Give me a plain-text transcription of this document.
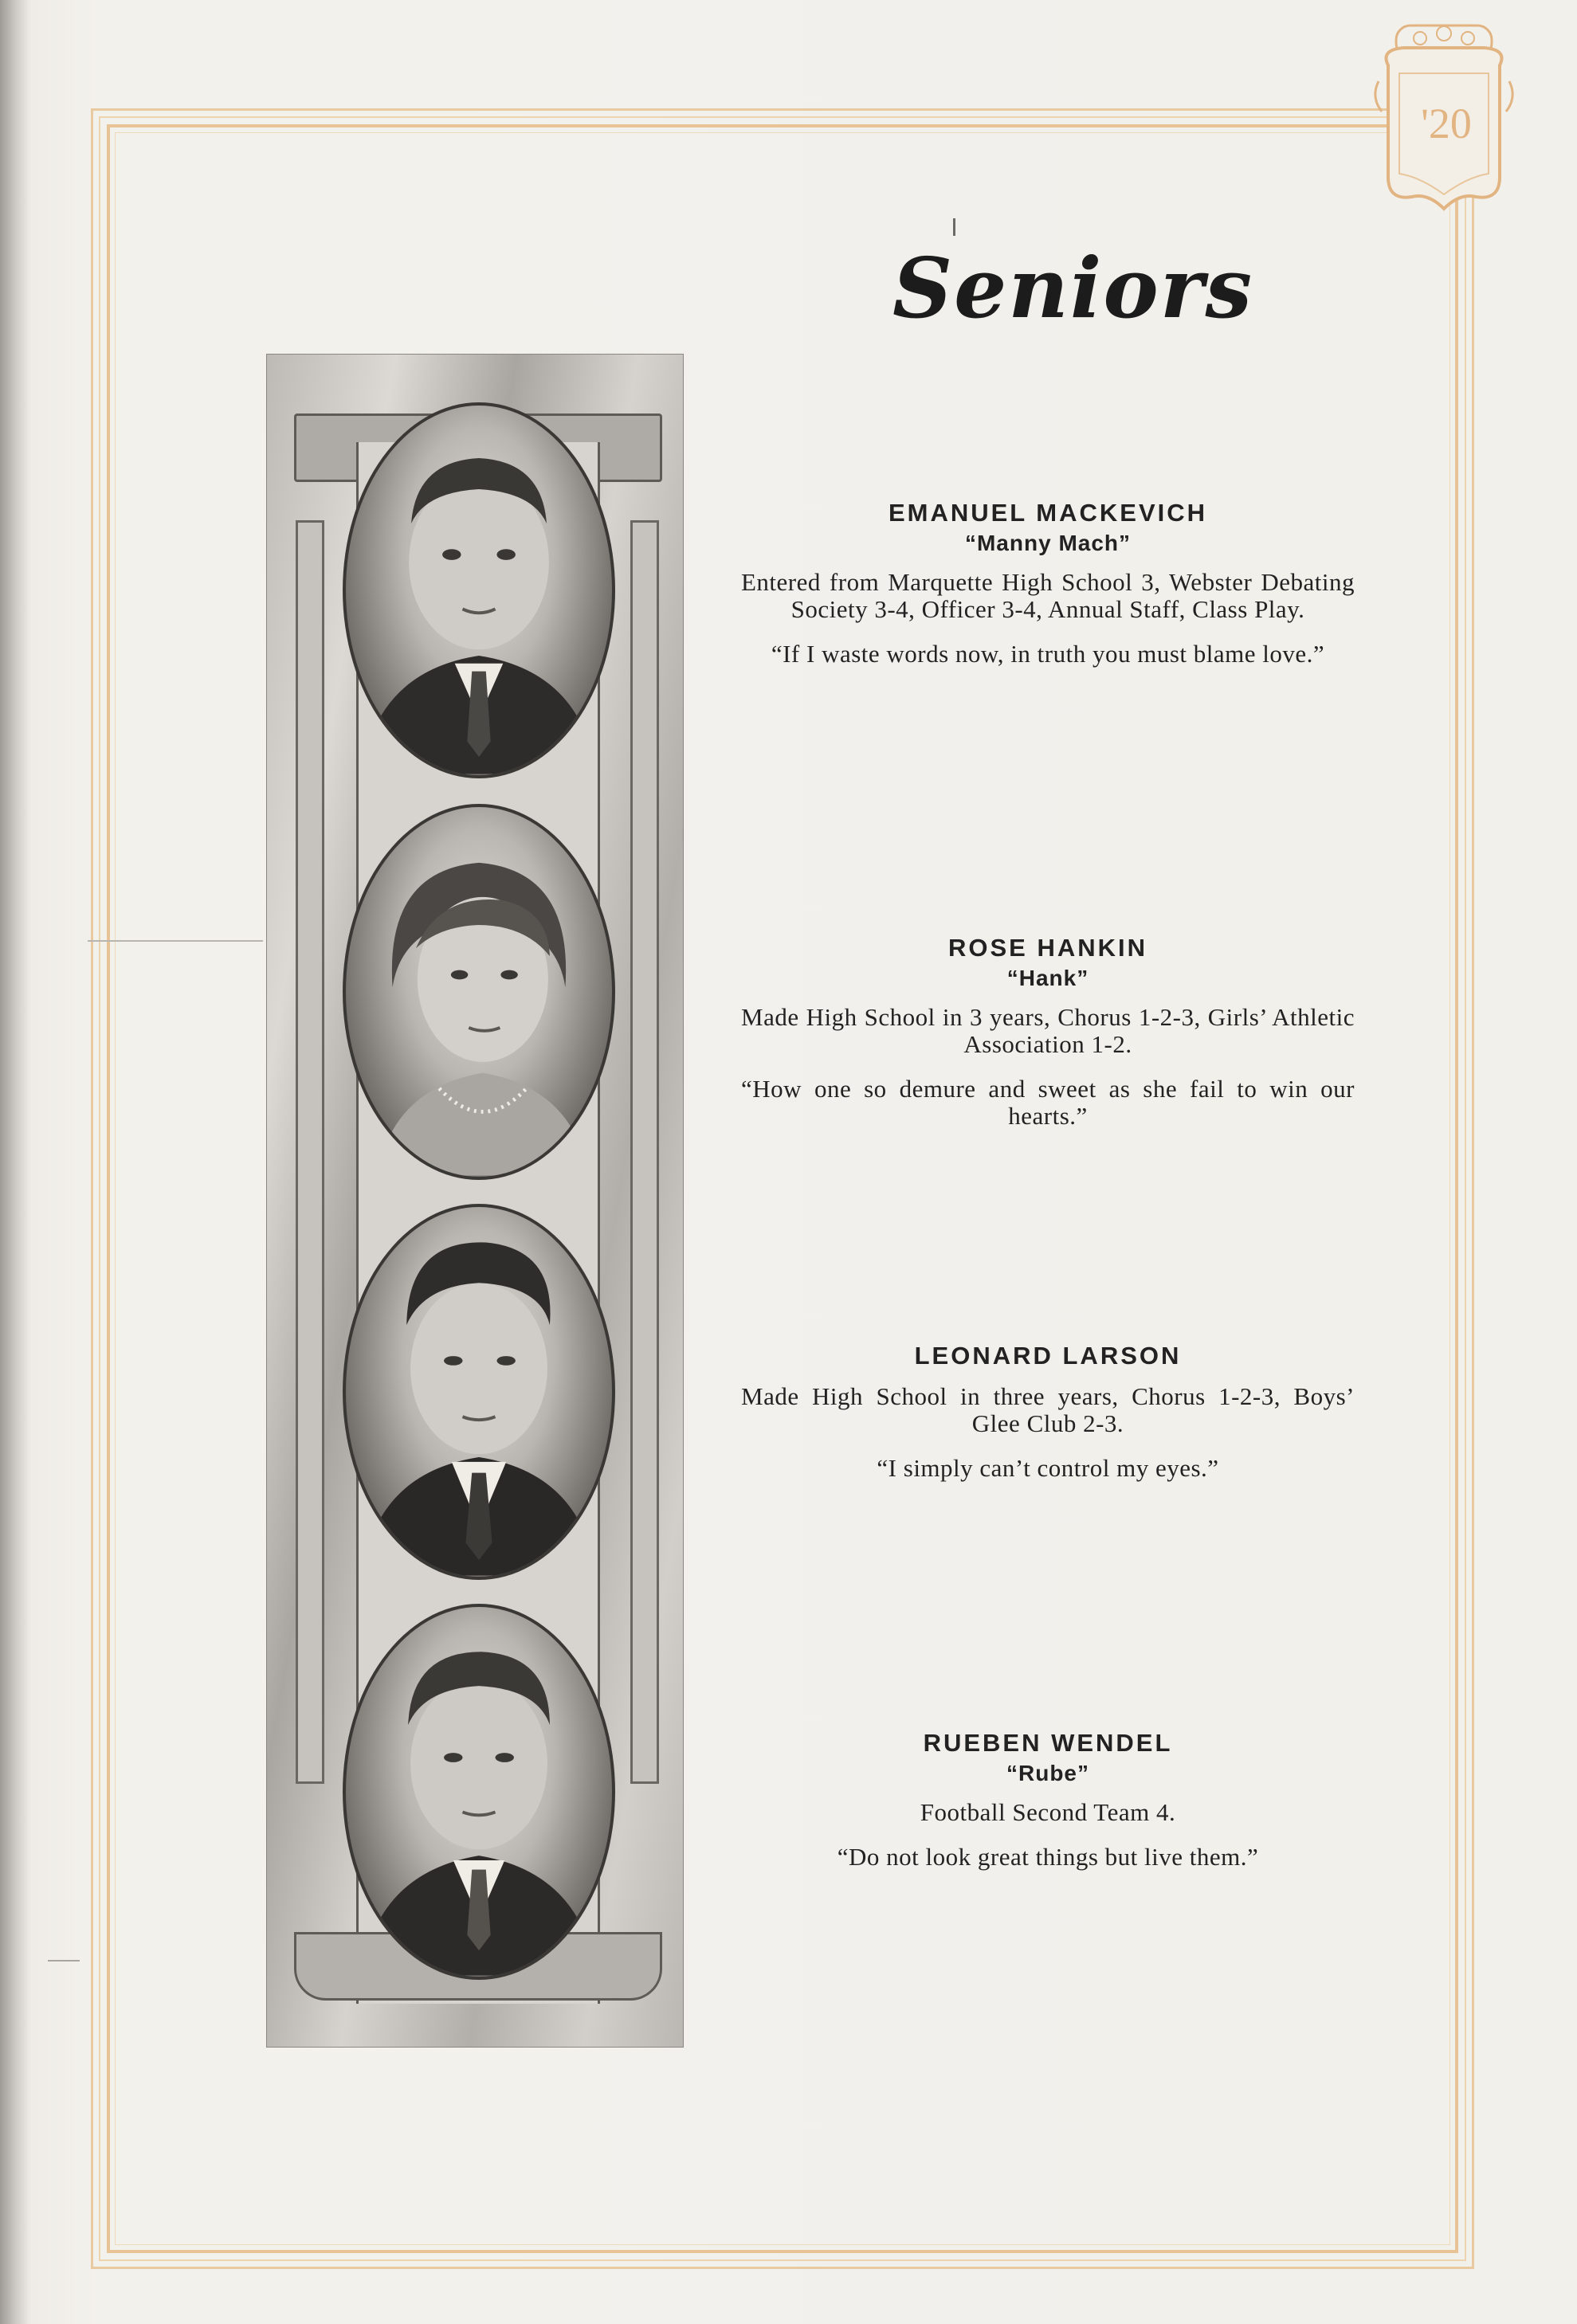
'20
Seniors

EMANUEL MACKEVICH

“Manny Mach”

Entered from Marquette High School 3, Webster Debating Society 3-4, Officer 3-4, Annual Staff, Class Play.

“If I waste words now, in truth you must blame love.”

ROSE HANKIN

“Hank”

Made High School in 3 years, Chorus 1-2-3, Girls’ Athletic Association 1-2.

“How one so demure and sweet as she fail to win our hearts.”

LEONARD LARSON

Made High School in three years, Chorus 1-2-3, Boys’ Glee Club 2-3.

“I simply can’t control my eyes.”

RUEBEN WENDEL

“Rube”

Football Second Team 4.

“Do not look great things but live them.”
